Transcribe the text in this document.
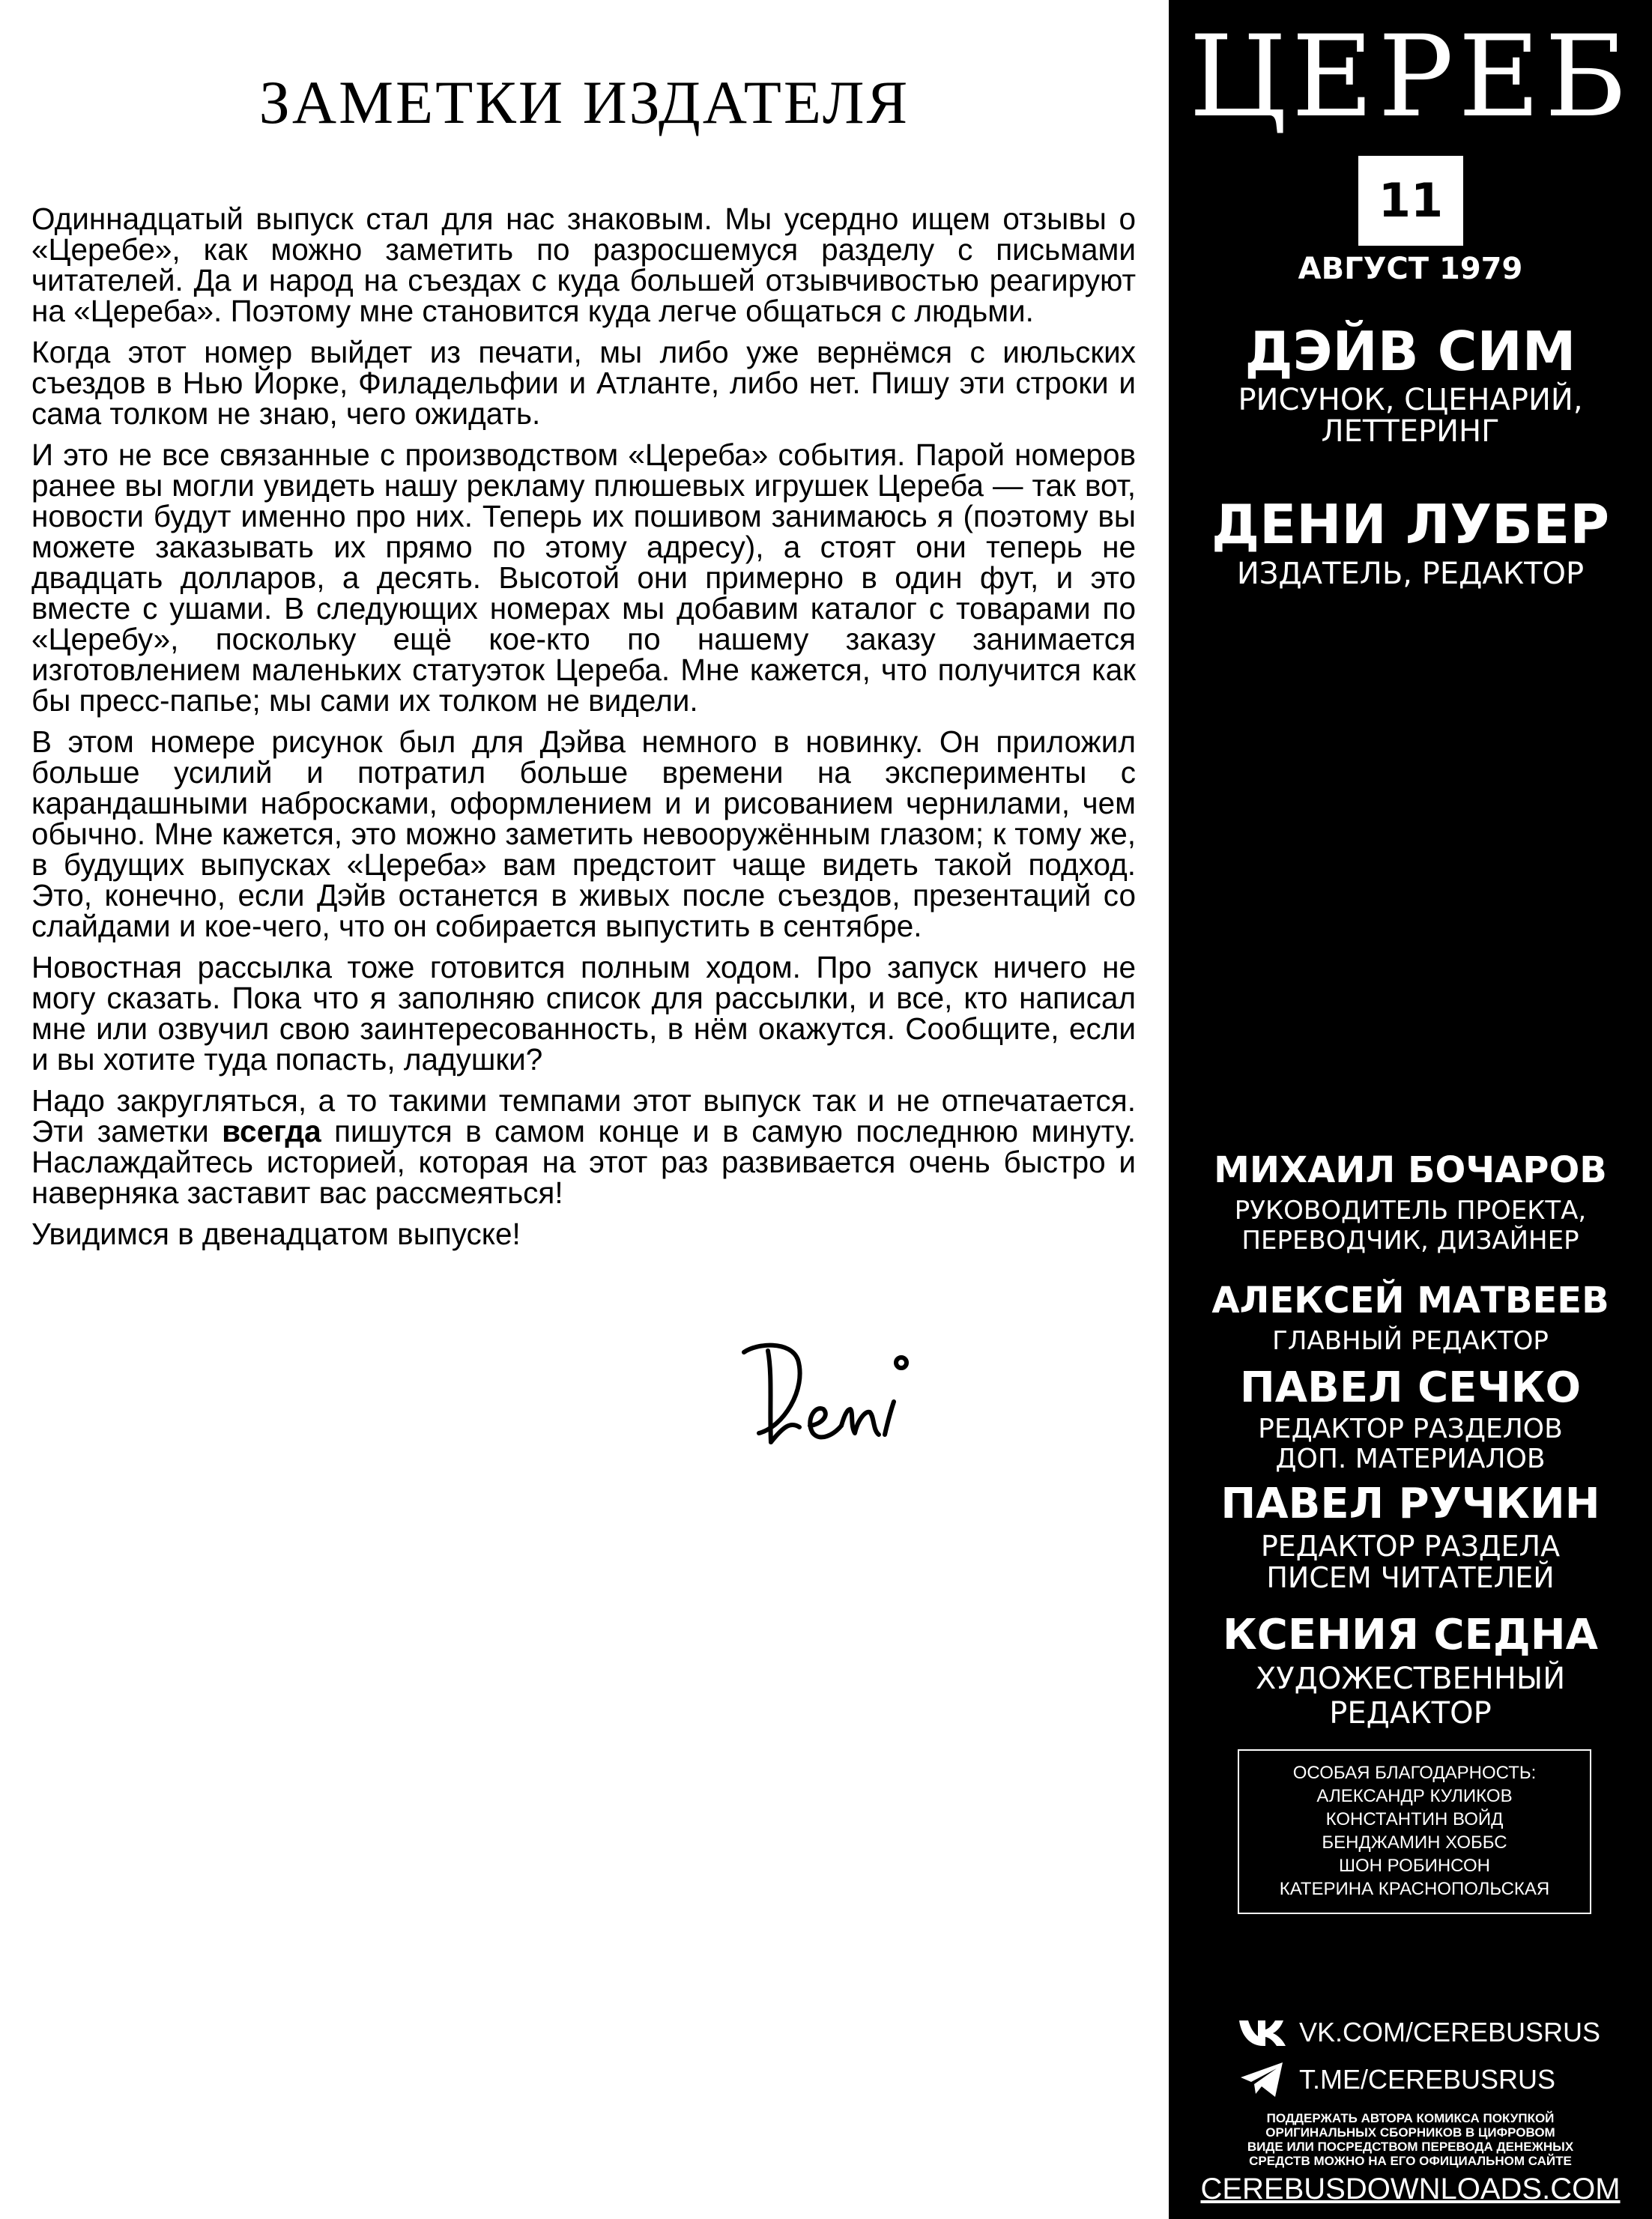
ЗАМЕТКИ ИЗДАТЕЛЯ

Одиннадцатый выпуск стал для нас знаковым. Мы усердно ищем отзывы о «Церебе», как можно заметить по разросшемуся разделу с письмами читателей. Да и народ на съездах с куда большей отзывчивостью реагируют на «Цереба». Поэтому мне становится куда легче общаться с людьми.

Когда этот номер выйдет из печати, мы либо уже вернёмся с июльских съездов в Нью Йорке, Филадельфии и Атланте, либо нет. Пишу эти строки и сама толком не знаю, чего ожидать.

И это не все связанные с производством «Цереба» события. Парой номеров ранее вы могли увидеть нашу рекламу плюшевых игрушек Цереба — так вот, новости будут именно про них. Теперь их пошивом занимаюсь я (поэтому вы можете заказывать их прямо по этому адресу), а стоят они теперь не двадцать долларов, а десять. Высотой они примерно в один фут, и это вместе с ушами. В следующих номерах мы добавим каталог с товарами по «Церебу», поскольку ещё кое-кто по нашему заказу занимается изготовлением маленьких статуэток Цереба. Мне кажется, что получится как бы пресс-папье; мы сами их толком не видели.

В этом номере рисунок был для Дэйва немного в новинку. Он приложил больше усилий и потратил больше времени на эксперименты с карандашными набросками, оформлением и и рисованием чернилами, чем обычно. Мне кажется, это можно заметить невооружённым глазом; к тому же, в будущих выпусках «Цереба» вам предстоит чаще видеть такой подход. Это, конечно, если Дэйв останется в живых после съездов, презентаций со слайдами и кое-чего, что он собирается выпустить в сентябре.

Новостная рассылка тоже готовится полным ходом. Про запуск ничего не могу сказать. Пока что я заполняю список для рассылки, и все, кто написал мне или озвучил свою заинтересованность, в нём окажутся. Сообщите, если и вы хотите туда попасть, ладушки?

Надо закругляться, а то такими темпами этот выпуск так и не отпечатается. Эти заметки всегда пишутся в самом конце и в самую последнюю минуту. Наслаждайтесь историей, которая на этот раз развивается очень быстро и наверняка заставит вас рассмеяться!

Увидимся в двенадцатом выпуске!

ЦЕРЕБ
11
АВГУСТ 1979
ДЭЙВ СИМ
РИСУНОК, СЦЕНАРИЙ,
ЛЕТТЕРИНГ
ДЕНИ ЛУБЕР
ИЗДАТЕЛЬ, РЕДАКТОР
МИХАИЛ БОЧАРОВ
РУКОВОДИТЕЛЬ ПРОЕКТА,
ПЕРЕВОДЧИК, ДИЗАЙНЕР
АЛЕКСЕЙ МАТВЕЕВ
ГЛАВНЫЙ РЕДАКТОР
ПАВЕЛ СЕЧКО
РЕДАКТОР РАЗДЕЛОВ
ДОП. МАТЕРИАЛОВ
ПАВЕЛ РУЧКИН
РЕДАКТОР РАЗДЕЛА
ПИСЕМ ЧИТАТЕЛЕЙ
КСЕНИЯ СЕДНА
ХУДОЖЕСТВЕННЫЙ
РЕДАКТОР
ОСОБАЯ БЛАГОДАРНОСТЬ:
АЛЕКСАНДР КУЛИКОВ
КОНСТАНТИН ВОЙД
БЕНДЖАМИН ХОББС
ШОН РОБИНСОН
КАТЕРИНА КРАСНОПОЛЬСКАЯ
VK.COM/CEREBUSRUS
T.ME/CEREBUSRUS
ПОДДЕРЖАТЬ АВТОРА КОМИКСА ПОКУПКОЙ
ОРИГИНАЛЬНЫХ СБОРНИКОВ В ЦИФРОВОМ
ВИДЕ ИЛИ ПОСРЕДСТВОМ ПЕРЕВОДА ДЕНЕЖНЫХ
СРЕДСТВ МОЖНО НА ЕГО ОФИЦИАЛЬНОМ САЙТЕ
CEREBUSDOWNLOADS.COM
